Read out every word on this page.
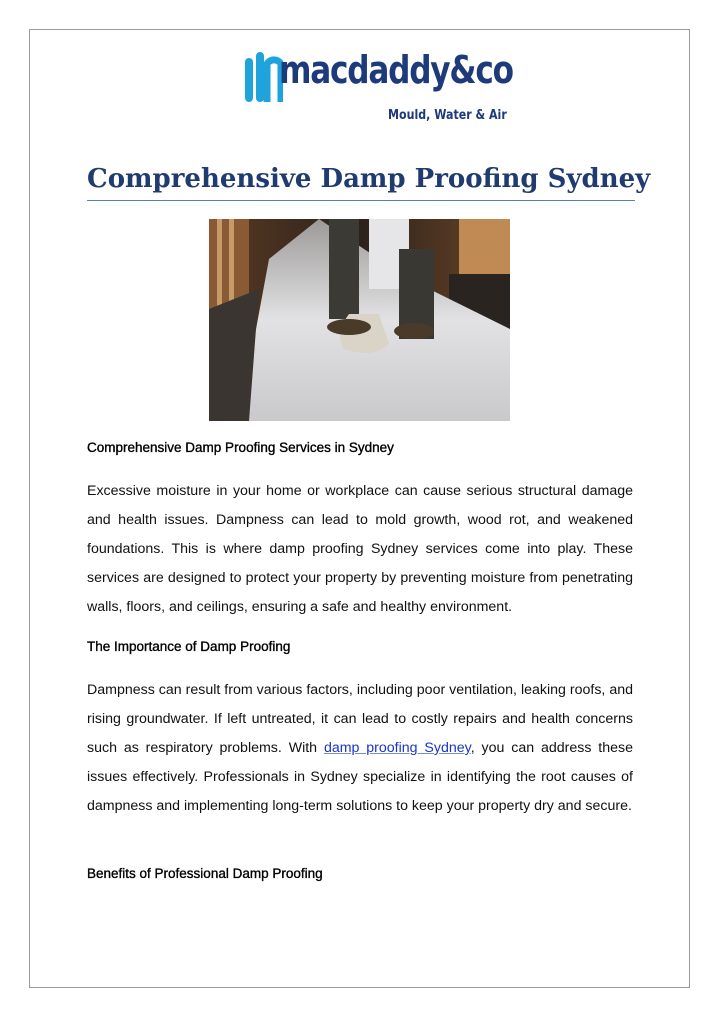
macdaddy&co
Mould, Water & Air
Comprehensive Damp Proofing Sydney
Comprehensive Damp Proofing Services in Sydney

Excessive moisture in your home or workplace can cause serious structural damage and health issues. Dampness can lead to mold growth, wood rot, and weakened foundations. This is where damp proofing Sydney services come into play. These services are designed to protect your property by preventing moisture from penetrating walls, floors, and ceilings, ensuring a safe and healthy environment.

The Importance of Damp Proofing

Dampness can result from various factors, including poor ventilation, leaking roofs, and rising groundwater. If left untreated, it can lead to costly repairs and health concerns such as respiratory problems. With damp proofing Sydney, you can address these issues effectively. Professionals in Sydney specialize in identifying the root causes of dampness and implementing long-term solutions to keep your property dry and secure.

Benefits of Professional Damp Proofing
